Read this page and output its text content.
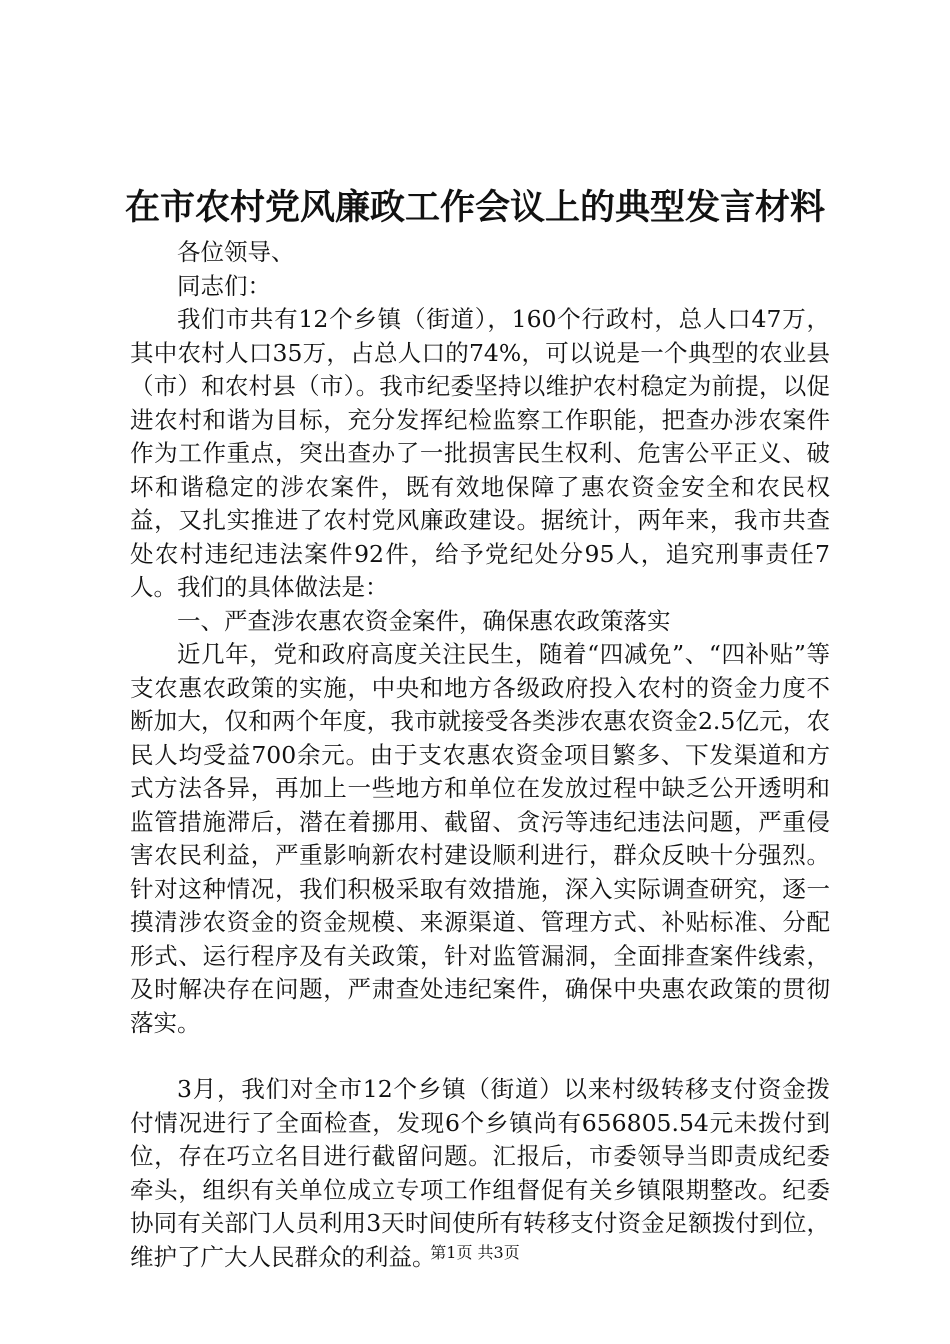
在市农村党风廉政工作会议上的典型发言材料

各位领导、

同志们：

我们市共有12个乡镇（街道），160个行政村，总人口47万，其中农村人口35万，占总人口的74%，可以说是一个典型的农业县（市）和农村县（市）。我市纪委坚持以维护农村稳定为前提，以促进农村和谐为目标，充分发挥纪检监察工作职能，把查办涉农案件作为工作重点，突出查办了一批损害民生权利、危害公平正义、破坏和谐稳定的涉农案件，既有效地保障了惠农资金安全和农民权益，又扎实推进了农村党风廉政建设。据统计，两年来，我市共查处农村违纪违法案件92件，给予党纪处分95人，追究刑事责任7人。我们的具体做法是：

一、严查涉农惠农资金案件，确保惠农政策落实

近几年，党和政府高度关注民生，随着“四减免”、“四补贴”等支农惠农政策的实施，中央和地方各级政府投入农村的资金力度不断加大，仅和两个年度，我市就接受各类涉农惠农资金2.5亿元，农民人均受益700余元。由于支农惠农资金项目繁多、下发渠道和方式方法各异，再加上一些地方和单位在发放过程中缺乏公开透明和监管措施滞后，潜在着挪用、截留、贪污等违纪违法问题，严重侵害农民利益，严重影响新农村建设顺利进行，群众反映十分强烈。针对这种情况，我们积极采取有效措施，深入实际调查研究，逐一摸清涉农资金的资金规模、来源渠道、管理方式、补贴标准、分配形式、运行程序及有关政策，针对监管漏洞，全面排查案件线索，及时解决存在问题，严肃查处违纪案件，确保中央惠农政策的贯彻落实。

3月，我们对全市12个乡镇（街道）以来村级转移支付资金拨付情况进行了全面检查，发现6个乡镇尚有656805.54元未拨付到位，存在巧立名目进行截留问题。汇报后，市委领导当即责成纪委牵头，组织有关单位成立专项工作组督促有关乡镇限期整改。纪委协同有关部门人员利用3天时间使所有转移支付资金足额拨付到位，维护了广大人民群众的利益。

第1页 共3页
